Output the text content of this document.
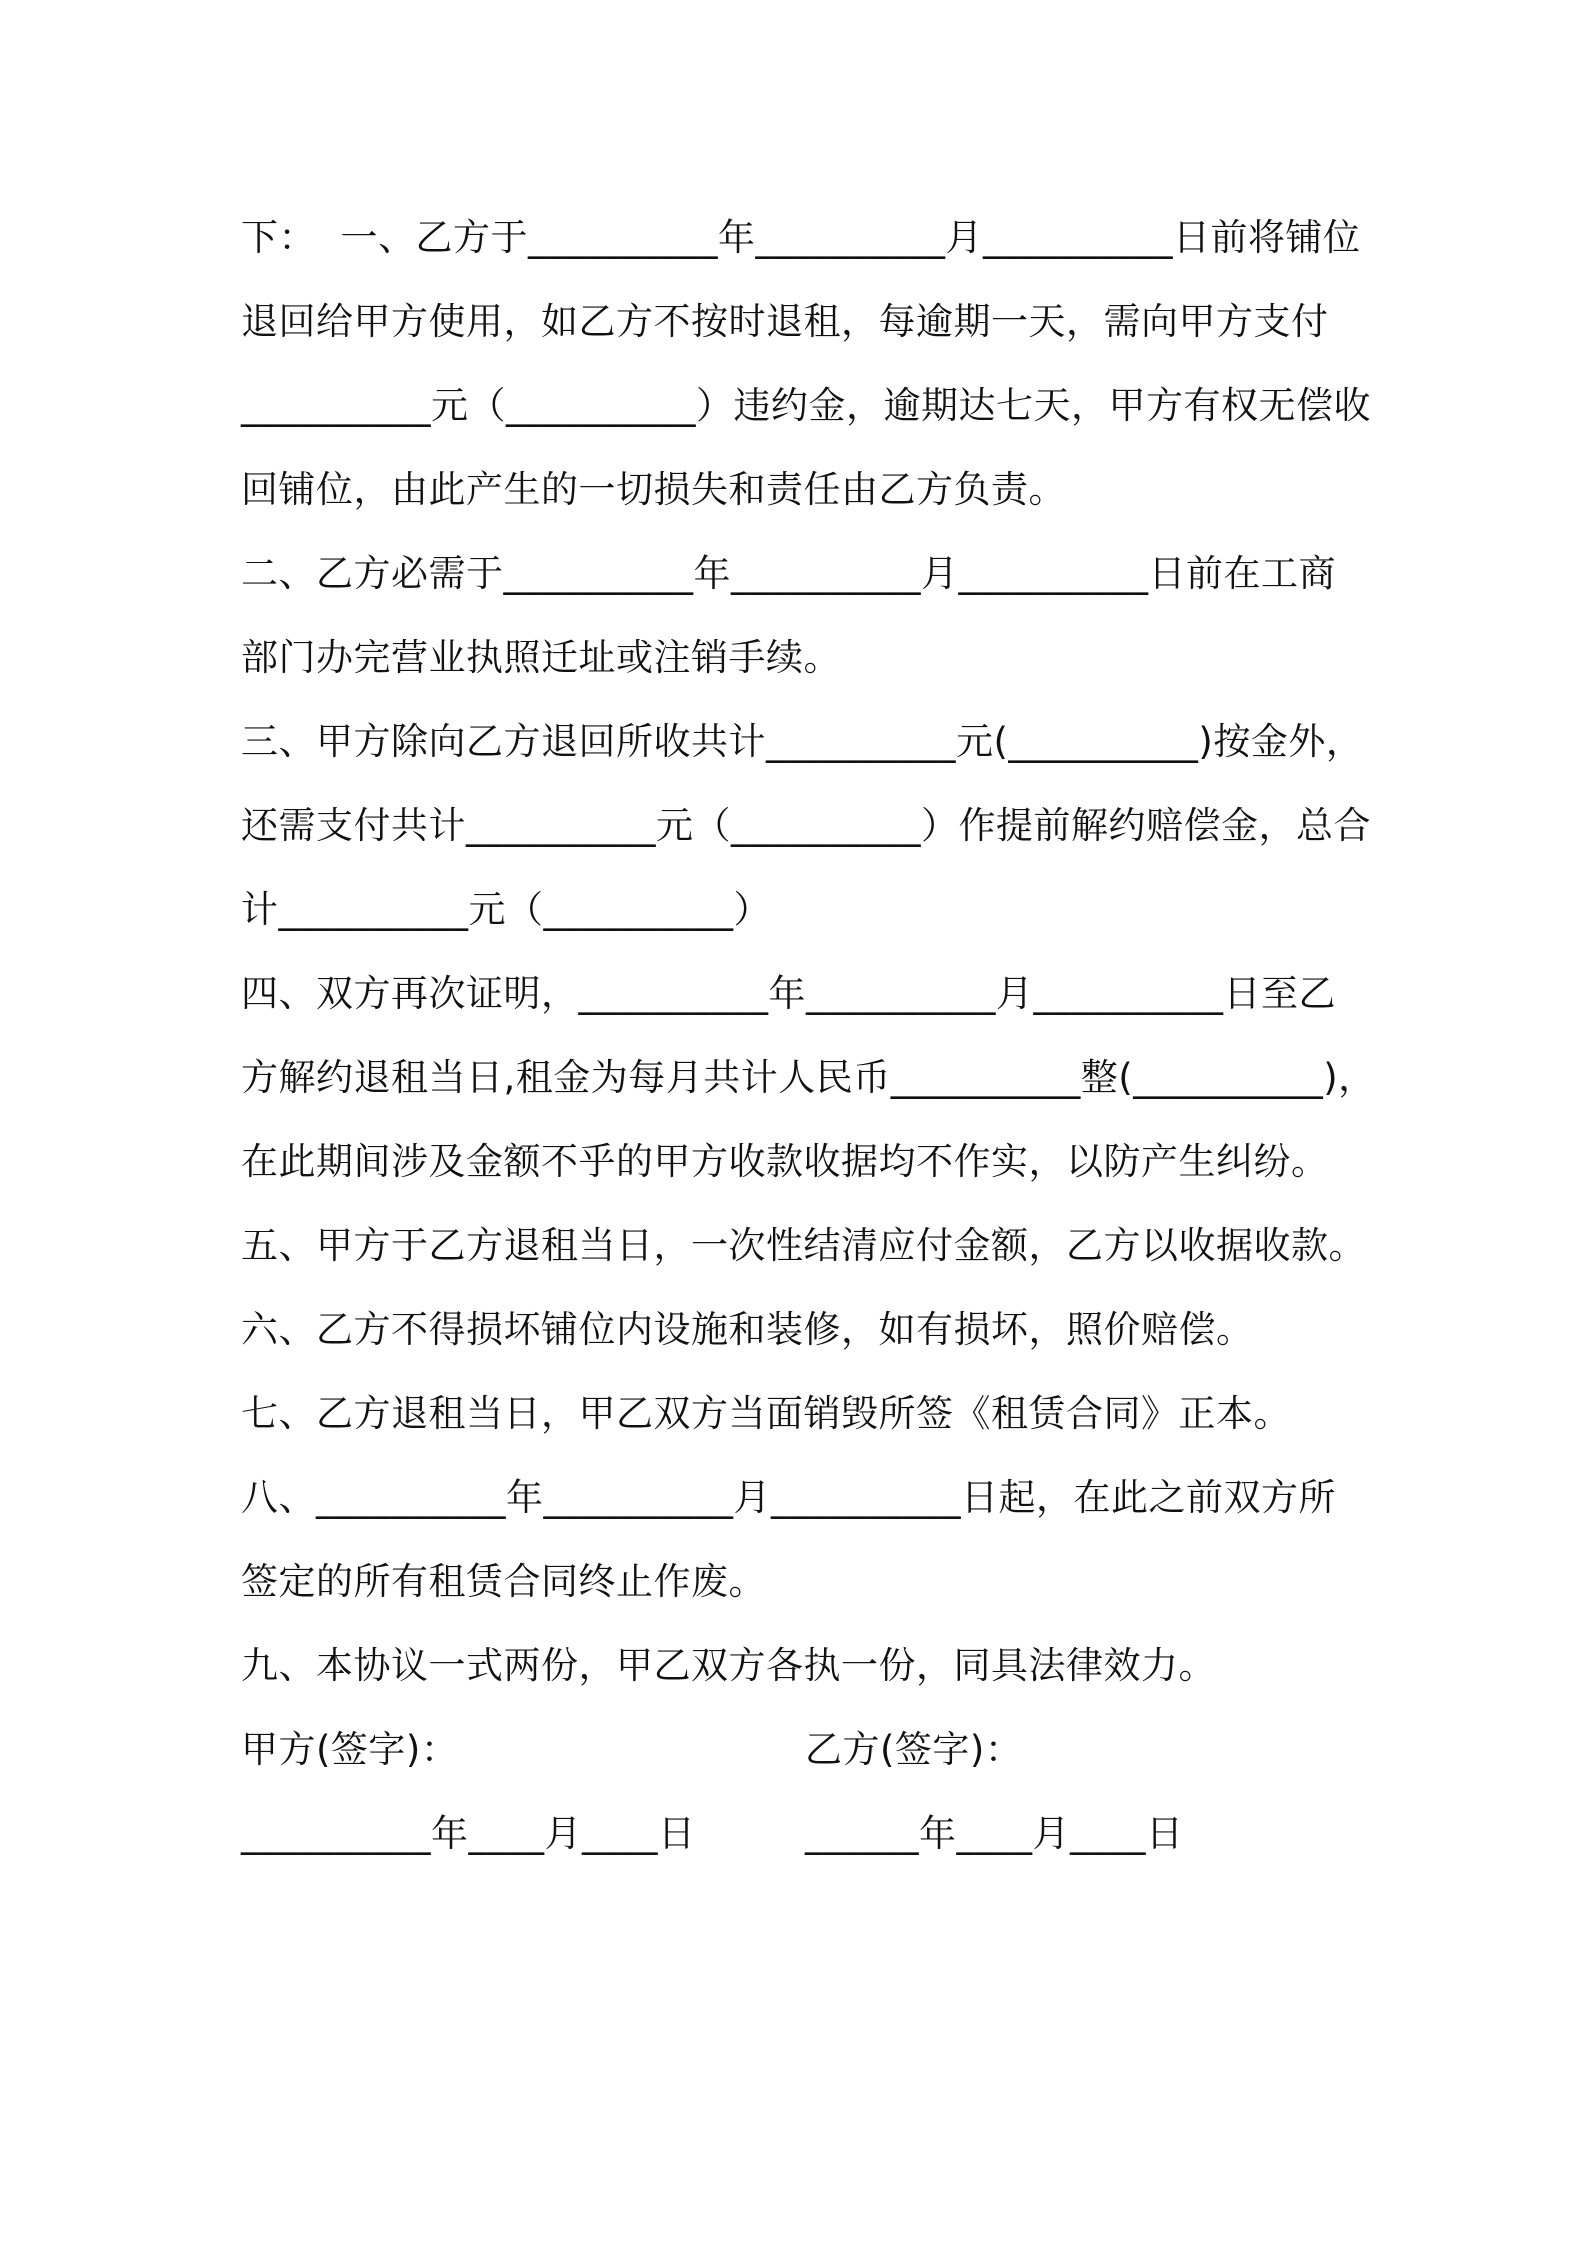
下：  一、乙方于__________年__________月__________日前将铺位
退回给甲方使用，如乙方不按时退租，每逾期一天，需向甲方支付
__________元（__________）违约金，逾期达七天，甲方有权无偿收
回铺位，由此产生的一切损失和责任由乙方负责。
二、乙方必需于__________年__________月__________日前在工商
部门办完营业执照迁址或注销手续。
三、甲方除向乙方退回所收共计__________元(__________)按金外，
还需支付共计__________元（__________）作提前解约赔偿金，总合
计__________元（__________）
四、双方再次证明，__________年__________月__________日至乙
方解约退租当日,租金为每月共计人民币__________整(__________)，
在此期间涉及金额不乎的甲方收款收据均不作实，以防产生纠纷。
五、甲方于乙方退租当日，一次性结清应付金额，乙方以收据收款。
六、乙方不得损坏铺位内设施和装修，如有损坏，照价赔偿。
七、乙方退租当日，甲乙双方当面销毁所签《租赁合同》正本。
八、__________年__________月__________日起，在此之前双方所
签定的所有租赁合同终止作废。
九、本协议一式两份，甲乙双方各执一份，同具法律效力。

甲方(签字)：

	乙方(签字)：

__________年____月____日

	______年____月____日
